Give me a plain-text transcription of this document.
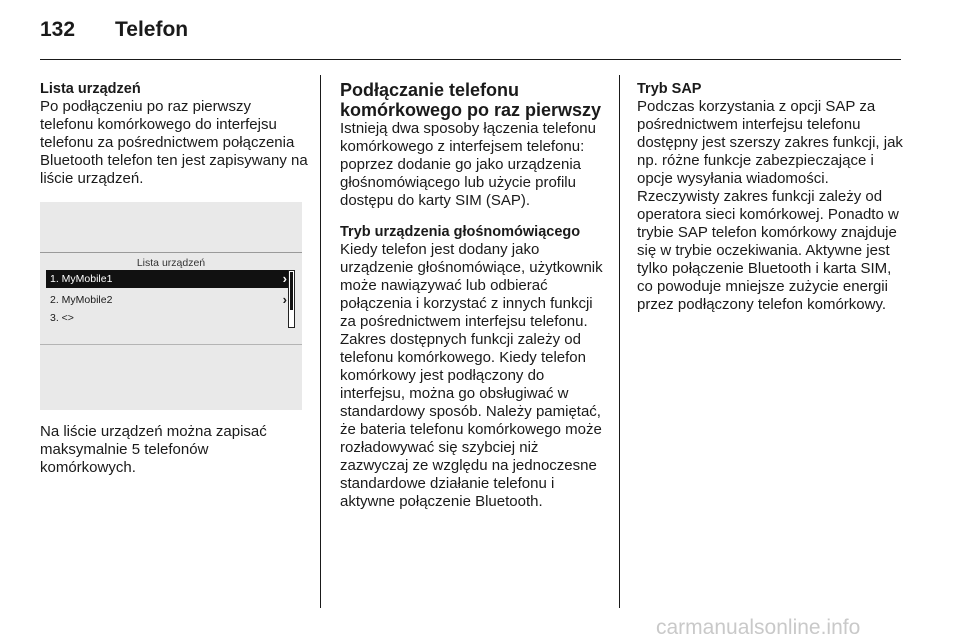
132 Telefon

Lista urządzeń

Po podłączeniu po raz pierwszy telefonu komórkowego do interfejsu telefonu za pośrednictwem połączenia Bluetooth telefon ten jest zapisywany na liście urządzeń.

Lista urządzeń
1. MyMobile1	›
2. MyMobile2	›
3. <>

Na liście urządzeń można zapisać maksymalnie 5 telefonów komórkowych.

Podłączanie telefonu komórkowego po raz pierwszy

Istnieją dwa sposoby łączenia telefonu komórkowego z interfejsem telefonu: poprzez dodanie go jako urządzenia głośnomówiącego lub użycie profilu dostępu do karty SIM (SAP).

Tryb urządzenia głośnomówiącego

Kiedy telefon jest dodany jako urządzenie głośnomówiące, użytkownik może nawiązywać lub odbierać połączenia i korzystać z innych funkcji za pośrednictwem interfejsu telefonu. Zakres dostępnych funkcji zależy od telefonu komórkowego. Kiedy telefon komórkowy jest podłączony do interfejsu, można go obsługiwać w standardowy sposób. Należy pamiętać, że bateria telefonu komórkowego może rozładowywać się szybciej niż zazwyczaj ze względu na jednoczesne standardowe działanie telefonu i aktywne połączenie Bluetooth.

Tryb SAP

Podczas korzystania z opcji SAP za pośrednictwem interfejsu telefonu dostępny jest szerszy zakres funkcji, jak np. różne funkcje zabezpieczające i opcje wysyłania wiadomości. Rzeczywisty zakres funkcji zależy od operatora sieci komórkowej. Ponadto w trybie SAP telefon komórkowy znajduje się w trybie oczekiwania. Aktywne jest tylko połączenie Bluetooth i karta SIM, co powoduje mniejsze zużycie energii przez podłączony telefon komórkowy.

carmanualsonline.info
